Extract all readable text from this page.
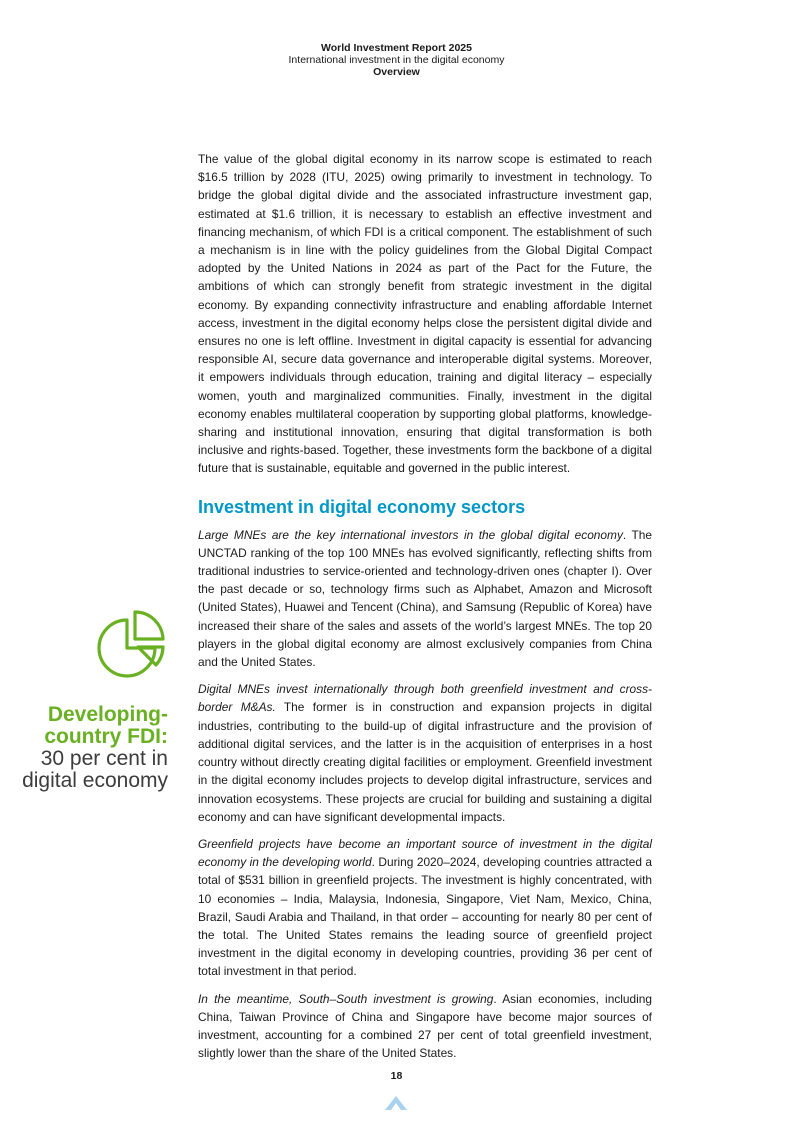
World Investment Report 2025
International investment in the digital economy
Overview

The value of the global digital economy in its narrow scope is estimated to reach $16.5 trillion by 2028 (ITU, 2025) owing primarily to investment in technology. To bridge the global digital divide and the associated infrastructure investment gap, estimated at $1.6 trillion, it is necessary to establish an effective investment and financing mechanism, of which FDI is a critical component. The establishment of such a mechanism is in line with the policy guidelines from the Global Digital Compact adopted by the United Nations in 2024 as part of the Pact for the Future, the ambitions of which can strongly benefit from strategic investment in the digital economy. By expanding connectivity infrastructure and enabling affordable Internet access, investment in the digital economy helps close the persistent digital divide and ensures no one is left offline. Investment in digital capacity is essential for advancing responsible AI, secure data governance and interoperable digital systems. Moreover, it empowers individuals through education, training and digital literacy – especially women, youth and marginalized communities. Finally, investment in the digital economy enables multilateral cooperation by supporting global platforms, knowledge-sharing and institutional innovation, ensuring that digital transformation is both inclusive and rights-based. Together, these investments form the backbone of a digital future that is sustainable, equitable and governed in the public interest.

Investment in digital economy sectors

Large MNEs are the key international investors in the global digital economy. The UNCTAD ranking of the top 100 MNEs has evolved significantly, reflecting shifts from traditional industries to service-oriented and technology-driven ones (chapter I). Over the past decade or so, technology firms such as Alphabet, Amazon and Microsoft (United States), Huawei and Tencent (China), and Samsung (Republic of Korea) have increased their share of the sales and assets of the world’s largest MNEs. The top 20 players in the global digital economy are almost exclusively companies from China and the United States.

Digital MNEs invest internationally through both greenfield investment and cross-border M&As. The former is in construction and expansion projects in digital industries, contributing to the build-up of digital infrastructure and the provision of additional digital services, and the latter is in the acquisition of enterprises in a host country without directly creating digital facilities or employment. Greenfield investment in the digital economy includes projects to develop digital infrastructure, services and innovation ecosystems. These projects are crucial for building and sustaining a digital economy and can have significant developmental impacts.

Greenfield projects have become an important source of investment in the digital economy in the developing world. During 2020–2024, developing countries attracted a total of $531 billion in greenfield projects. The investment is highly concentrated, with 10 economies – India, Malaysia, Indonesia, Singapore, Viet Nam, Mexico, China, Brazil, Saudi Arabia and Thailand, in that order – accounting for nearly 80 per cent of the total. The United States remains the leading source of greenfield project investment in the digital economy in developing countries, providing 36 per cent of total investment in that period.

In the meantime, South–South investment is growing. Asian economies, including China, Taiwan Province of China and Singapore have become major sources of investment, accounting for a combined 27 per cent of total greenfield investment, slightly lower than the share of the United States.

Developing-country FDI:
30 per cent in digital economy
18
